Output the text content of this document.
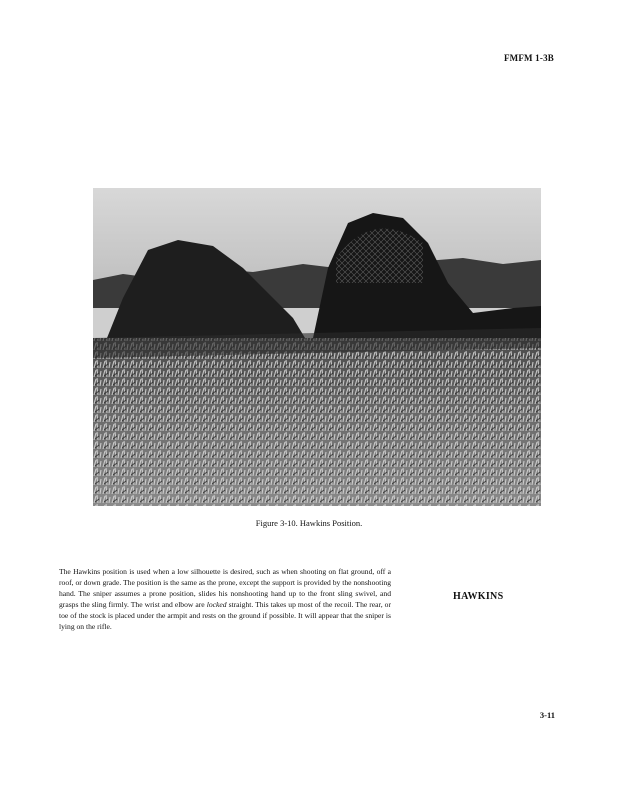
FMFM 1-3B
Figure 3-10. Hawkins Position.

The Hawkins position is used when a low silhouette is desired, such as when shooting on flat ground, off a roof, or down grade. The position is the same as the prone, except the support is provided by the nonshooting hand. The sniper assumes a prone position, slides his nonshooting hand up to the front sling swivel, and grasps the sling firmly. The wrist and elbow are locked straight. This takes up most of the recoil. The rear, or toe of the stock is placed under the armpit and rests on the ground if possible. It will appear that the sniper is lying on the rifle.

HAWKINS
3-11
